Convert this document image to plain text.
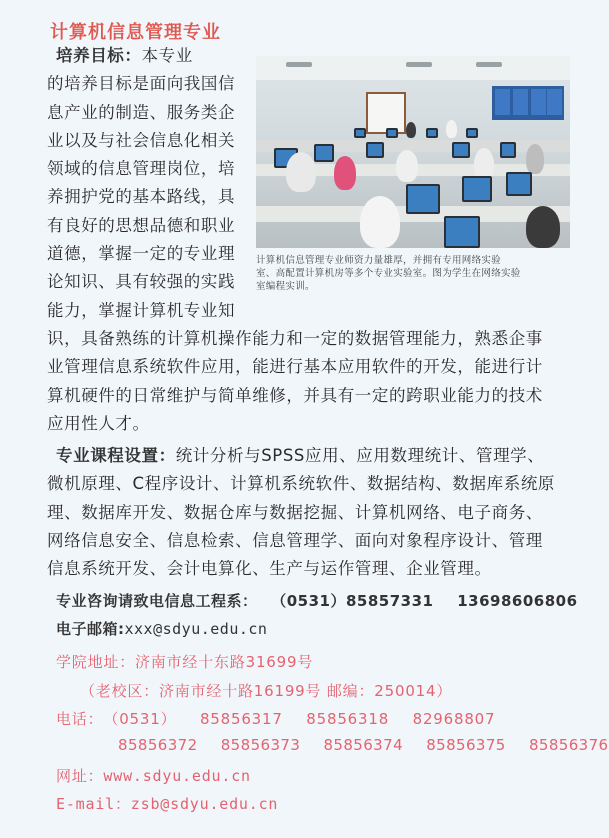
计算机信息管理专业
培养目标：本专业
的培养目标是面向我国信
息产业的制造、服务类企
业以及与社会信息化相关
领域的信息管理岗位，培
养拥护党的基本路线，具
有良好的思想品德和职业
道德，掌握一定的专业理
论知识、具有较强的实践
能力，掌握计算机专业知
识，具备熟练的计算机操作能力和一定的数据管理能力，熟悉企事
业管理信息系统软件应用，能进行基本应用软件的开发，能进行计
算机硬件的日常维护与简单维修，并具有一定的跨职业能力的技术
应用性人才。
计算机信息管理专业师资力量雄厚，并拥有专用网络实验
室、高配置计算机房等多个专业实验室。图为学生在网络实验
室编程实训。
专业课程设置：统计分析与SPSS应用、应用数理统计、管理学、
微机原理、C程序设计、计算机系统软件、数据结构、数据库系统原
理、数据库开发、数据仓库与数据挖掘、计算机网络、电子商务、
网络信息安全、信息检索、信息管理学、面向对象程序设计、管理
信息系统开发、会计电算化、生产与运作管理、企业管理。
专业咨询请致电信息工程系： （0531）85857331 13698606806
电子邮箱:xxx@sdyu.edu.cn
学院地址：济南市经十东路31699号
（老校区：济南市经十路16199号 邮编：250014）
电话：（0531） 85856317 85856318 82968807
85856372 85856373 85856374 85856375 85856376
网址：www.sdyu.edu.cn
E-mail：zsb@sdyu.edu.cn
